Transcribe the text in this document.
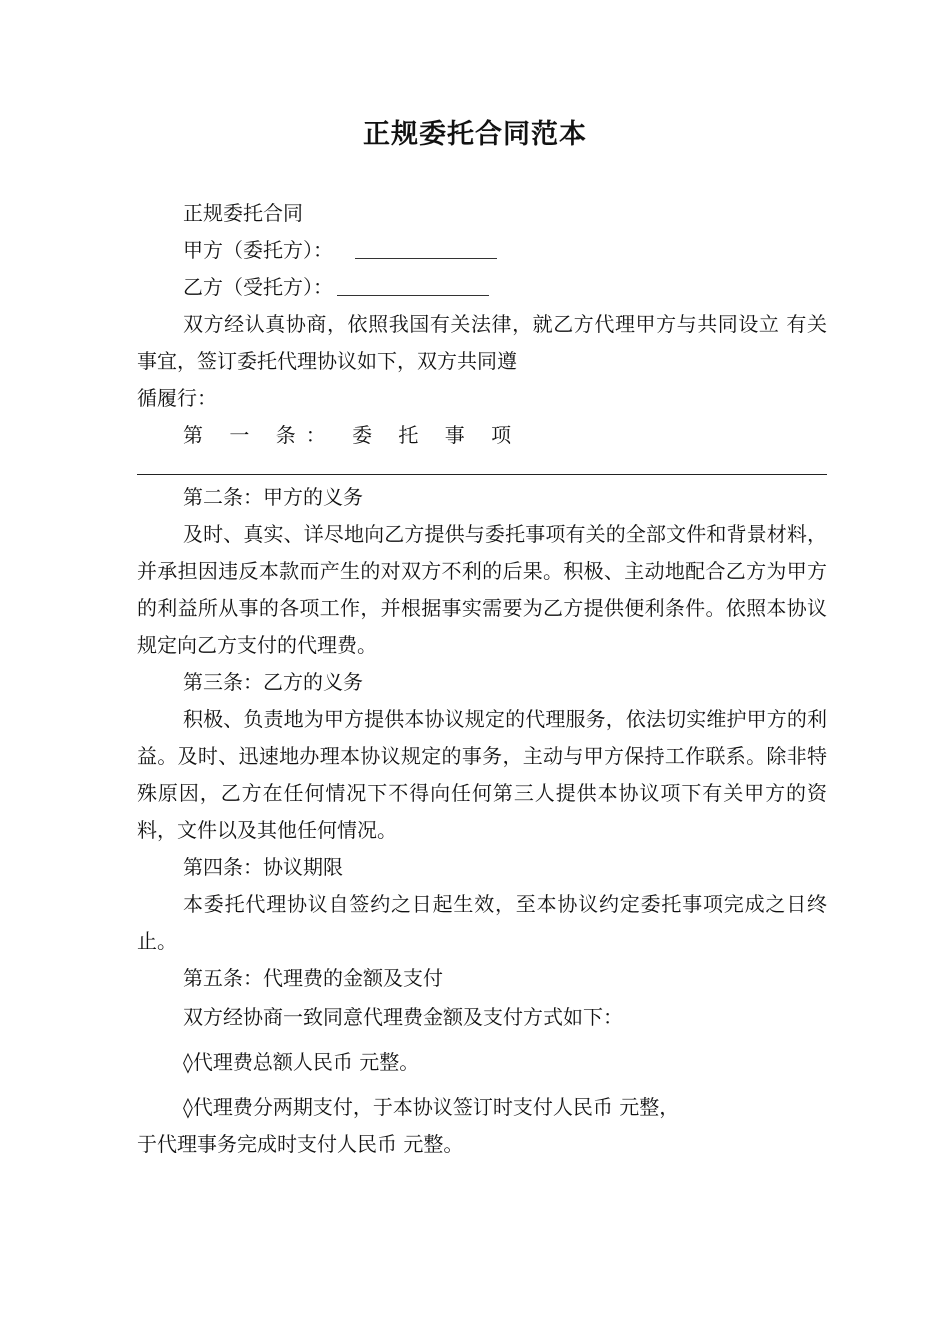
正规委托合同范本

正规委托合同

甲方（委托方）：

乙方（受托方）：

双方经认真协商，依照我国有关法律，就乙方代理甲方与共同设立 有关事宜，签订委托代理协议如下，双方共同遵

循履行：

第 一 条： 委 托 事 项

第二条：甲方的义务

及时、真实、详尽地向乙方提供与委托事项有关的全部文件和背景材料，并承担因违反本款而产生的对双方不利的后果。积极、主动地配合乙方为甲方的利益所从事的各项工作，并根据事实需要为乙方提供便利条件。依照本协议规定向乙方支付的代理费。

第三条：乙方的义务

积极、负责地为甲方提供本协议规定的代理服务，依法切实维护甲方的利益。及时、迅速地办理本协议规定的事务，主动与甲方保持工作联系。除非特殊原因，乙方在任何情况下不得向任何第三人提供本协议项下有关甲方的资料，文件以及其他任何情况。

第四条：协议期限

本委托代理协议自签约之日起生效，至本协议约定委托事项完成之日终止。

第五条：代理费的金额及支付

双方经协商一致同意代理费金额及支付方式如下：

◊代理费总额人民币 元整。

◊代理费分两期支付，于本协议签订时支付人民币 元整，

于代理事务完成时支付人民币 元整。
